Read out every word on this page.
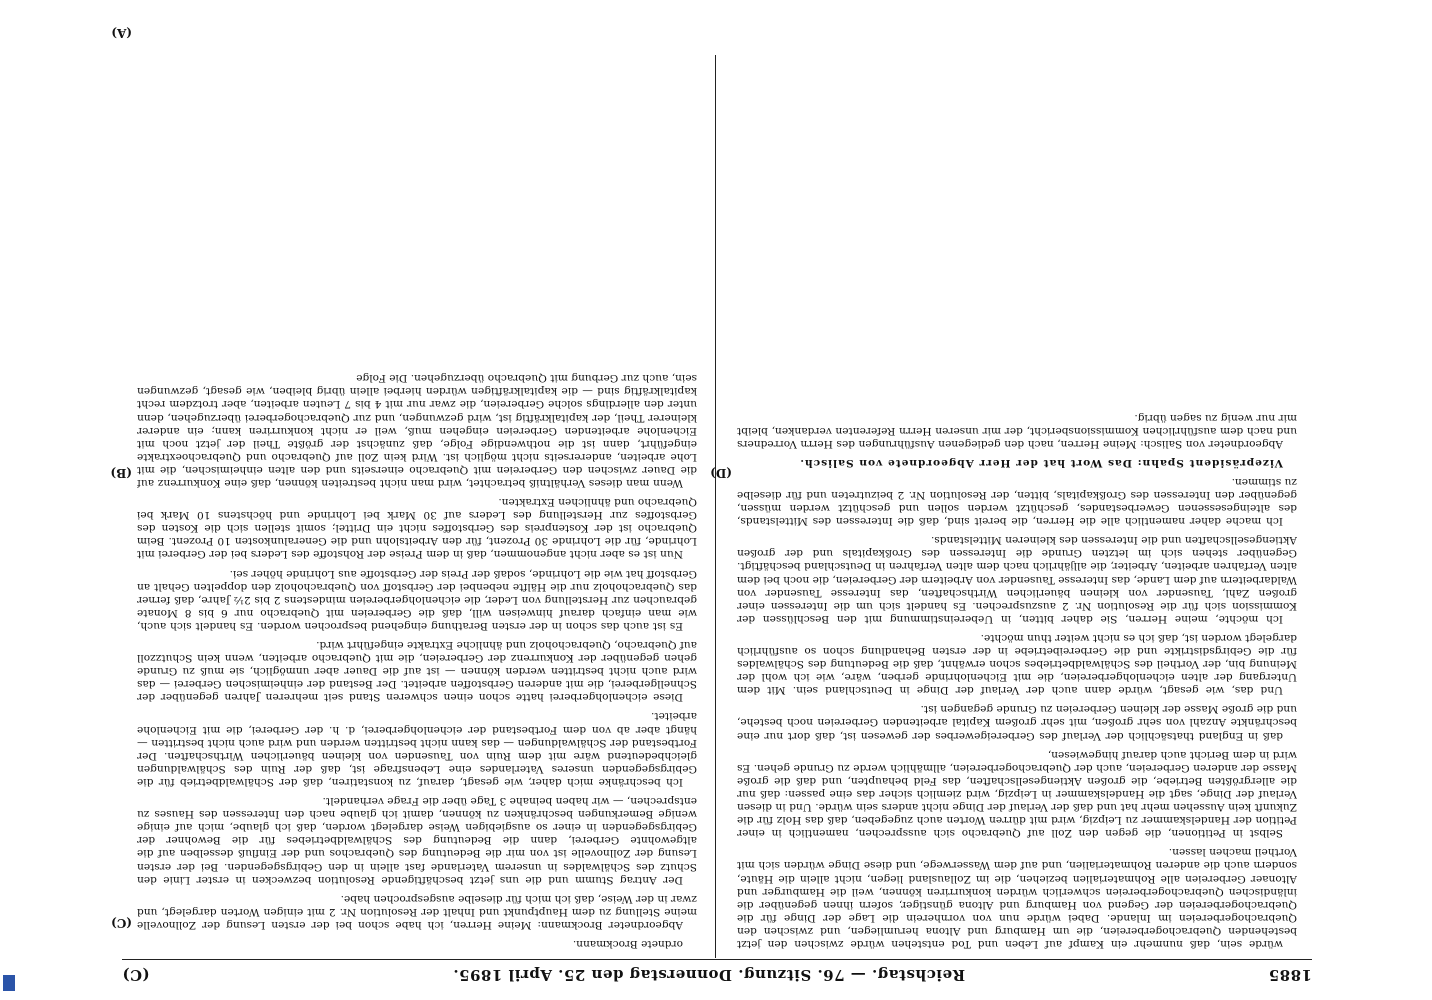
1885
Reichstag. — 76. Sitzung. Donnerstag den 25. April 1895.
(C)
(C)
(B)	(D)
(A)

würde sein, daß nunmehr ein Kampf auf Leben und Tod entstehen würde zwischen den jetzt bestehenden Quebrachogerbereien, die um Hamburg und Altona herumliegen, und zwischen den Quebrachogerbereien im Inlande. Dabei würde nun von vornherein die Lage der Dinge für die Quebrachogerbereien der Gegend von Hamburg und Altona günstiger, sofern ihnen gegenüber die inländischen Quebrachogerbereien schwerlich würden konkurriren können, weil die Hamburger und Altonaer Gerbereien alle Rohmaterialien beziehen, die im Zollausland liegen, nicht allein die Häute, sondern auch die anderen Rohmaterialien, und auf dem Wasserwege, und diese Dinge würden sich mit Vortheil machen lassen.

Selbst in Petitionen, die gegen den Zoll auf Quebracho sich aussprechen, namentlich in einer Petition der Handelskammer zu Leipzig, wird mit dürren Worten auch zugegeben, daß das Holz für die Zukunft kein Aussehen mehr hat und daß der Verlauf der Dinge nicht anders sein würde. Und in diesen Verlauf der Dinge, sagt die Handelskammer in Leipzig, wird ziemlich sicher das eine passen: daß nur die allergrößten Betriebe, die großen Aktiengesellschaften, das Feld behaupten, und daß die große Masse der anderen Gerbereien, auch der Quebrachogerbereien, allmählich werde zu Grunde gehen. Es wird in dem Bericht auch darauf hingewiesen,

daß in England thatsächlich der Verlauf des Gerbereigewerbes der gewesen ist, daß dort nur eine beschränkte Anzahl von sehr großen, mit sehr großem Kapital arbeitenden Gerbereien noch bestehe, und die große Masse der kleinen Gerbereien zu Grunde gegangen ist.

Und das, wie gesagt, würde dann auch der Verlauf der Dinge in Deutschland sein. Mit dem Untergang der alten eichenlohgerbereien, die mit Eichenlohrinde gerben, wäre, wie ich wohl der Meinung bin, der Vortheil des Schälwaldbetriebes schon erwähnt, daß die Bedeutung des Schälwaldes für die Gebirgsdistrikte und die Gerbereibetriebe in der ersten Behandlung schon so ausführlich dargelegt worden ist, daß ich es nicht weiter thun möchte.

Ich möchte, meine Herren, Sie daher bitten, in Uebereinstimmung mit den Beschlüssen der Kommission sich für die Resolution Nr. 2 auszusprechen. Es handelt sich um die Interessen einer großen Zahl, Tausender von kleinen bäuerlichen Wirthschaften, das Interesse Tausender von Waldarbeitern auf dem Lande, das Interesse Tausender von Arbeitern der Gerbereien, die noch bei dem alten Verfahren arbeiten, Arbeiter, die alljährlich nach dem alten Verfahren in Deutschland beschäftigt. Gegenüber stehen sich im letzten Grunde die Interessen des Großkapitals und der großen Aktiengesellschaften und die Interessen des kleineren Mittelstands.

Ich mache daher namentlich alle die Herren, die bereit sind, daß die Interessen des Mittelstands, des alteingesessenen Gewerbestandes, geschützt werden sollen und geschützt werden müssen, gegenüber den Interessen des Großkapitals, bitten, der Resolution Nr. 2 beizutreten und für dieselbe zu stimmen.

Vizepräsident Spahn: Das Wort hat der Herr Abgeordnete von Salisch.

Abgeordneter von Salisch: Meine Herren, nach den gediegenen Ausführungen des Herrn Vorredners und nach dem ausführlichen Kommissionsbericht, der mir unseren Herrn Referenten verdanken, bleibt mir nur wenig zu sagen übrig.

ordnete Brockmann.

Abgeordneter Brockmann: Meine Herren, ich habe schon bei der ersten Lesung der Zollnovelle meine Stellung zu dem Hauptpunkt und Inhalt der Resolution Nr. 2 mit einigen Worten dargelegt, und zwar in der Weise, daß ich mich für dieselbe ausgesprochen habe.

Der Antrag Stumm und die uns jetzt beschäftigende Resolution bezwecken in erster Linie den Schutz des Schälwaldes in unserem Vaterlande fast allein in den Gebirgsgegenden. Bei der ersten Lesung der Zollnovelle ist von mir die Bedeutung des Quebrachos und der Einfluß desselben auf die altgewohnte Gerberei, dann die Bedeutung des Schälwaldbetriebes für die Bewohner der Gebirgsgegenden in einer so ausgiebigen Weise dargelegt worden, daß ich glaube, mich auf einige wenige Bemerkungen beschränken zu können, damit ich glaube nach den Interessen des Hauses zu entsprechen, — wir haben beinahe 3 Tage über die Frage verhandelt.

Ich beschränke mich daher, wie gesagt, darauf, zu konstatiren, daß der Schälwaldbetrieb für die Gebirgsgegenden unseres Vaterlandes eine Lebensfrage ist, daß der Ruin des Schälwaldungen gleichbedeutend wäre mit dem Ruin von Tausenden von kleinen bäuerlichen Wirthschaften. Der Fortbestand der Schälwaldungen — das kann nicht bestritten werden und wird auch nicht bestritten — hängt aber ab von dem Fortbestand der eichenlohgerberei, d. h. der Gerberei, die mit Eichenlohe arbeitet.

Diese eichenlohgerberei hatte schon einen schweren Stand seit mehreren Jahren gegenüber der Schnellgerberei, die mit anderen Gerbstoffen arbeitet. Der Bestand der einheimischen Gerberei — das wird auch nicht bestritten werden können — ist auf die Dauer aber unmöglich, sie muß zu Grunde gehen gegenüber der Konkurrenz der Gerbereien, die mit Quebracho arbeiten, wenn kein Schutzzoll auf Quebracho, Quebrachoholz und ähnliche Extrakte eingeführt wird.

Es ist auch das schon in der ersten Berathung eingehend besprochen worden. Es handelt sich auch, wie man einfach darauf hinweisen will, daß die Gerbereien mit Quebracho nur 6 bis 8 Monate gebrauchen zur Herstellung von Leder, die eichenlohgerbereien mindestens 2 bis 2½ Jahre, daß ferner das Quebrachoholz nur die Hälfte nebenbei der Gerbstoff von Quebrachoholz den doppelten Gehalt an Gerbstoff hat wie die Lohrinde, sodaß der Preis der Gerbstoffe aus Lohrinde höher sei.

Nun ist es aber nicht angenommen, daß in dem Preise der Rohstoffe des Leders bei der Gerberei mit Lohrinde, für die Lohrinde 30 Prozent, für den Arbeitslohn und die Generalunkosten 10 Prozent. Beim Quebracho ist der Kostenpreis des Gerbstoffes nicht ein Drittel; somit stellen sich die Kosten des Gerbstoffes zur Herstellung des Leders auf 30 Mark bei Lohrinde und höchstens 10 Mark bei Quebracho und ähnlichen Extrakten.

Wenn man dieses Verhältniß betrachtet, wird man nicht bestreiten können, daß eine Konkurrenz auf die Dauer zwischen den Gerbereien mit Quebracho einerseits und den alten einheimischen, die mit Lohe arbeiten, andererseits nicht möglich ist. Wird kein Zoll auf Quebracho und Quebrachoextrakte eingeführt, dann ist die nothwendige Folge, daß zunächst der größte Theil der jetzt noch mit Eichenlohe arbeitenden Gerbereien eingehen muß, weil er nicht konkurriren kann; ein anderer kleinerer Theil, der kapitalkräftig ist, wird gezwungen, und zur Quebrachogerberei überzugehen, denn unter den allerdings solche Gerbereien, die zwar nur mit 4 bis 7 Leuten arbeiten, aber trotzdem recht kapitalkräftig sind — die kapitalkräftigen würden hierbei allein übrig bleiben, wie gesagt, gezwungen sein, auch zur Gerbung mit Quebracho überzugehen. Die Folge
